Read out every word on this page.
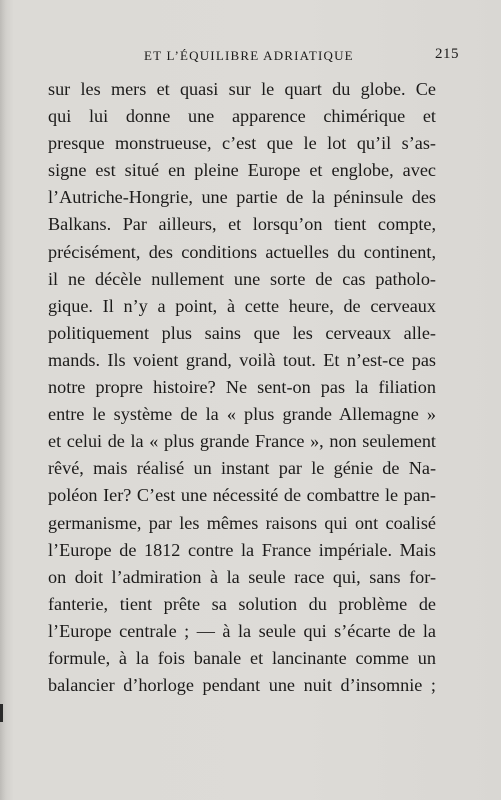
ET L’ÉQUILIBRE ADRIATIQUE	215
sur les mers et quasi sur le quart du globe. Ce
qui lui donne une apparence chimérique et
presque monstrueuse, c’est que le lot qu’il s’as-
signe est situé en pleine Europe et englobe, avec
l’Autriche-Hongrie, une partie de la péninsule des
Balkans. Par ailleurs, et lorsqu’on tient compte,
précisément, des conditions actuelles du continent,
il ne décèle nullement une sorte de cas patholo-
gique. Il n’y a point, à cette heure, de cerveaux
politiquement plus sains que les cerveaux alle-
mands. Ils voient grand, voilà tout. Et n’est-ce pas
notre propre histoire? Ne sent-on pas la filiation
entre le système de la « plus grande Allemagne »
et celui de la « plus grande France », non seulement
rêvé, mais réalisé un instant par le génie de Na-
poléon Ier? C’est une nécessité de combattre le pan-
germanisme, par les mêmes raisons qui ont coalisé
l’Europe de 1812 contre la France impériale. Mais
on doit l’admiration à la seule race qui, sans for-
fanterie, tient prête sa solution du problème de
l’Europe centrale ; — à la seule qui s’écarte de la
formule, à la fois banale et lancinante comme un
balancier d’horloge pendant une nuit d’insomnie ;
